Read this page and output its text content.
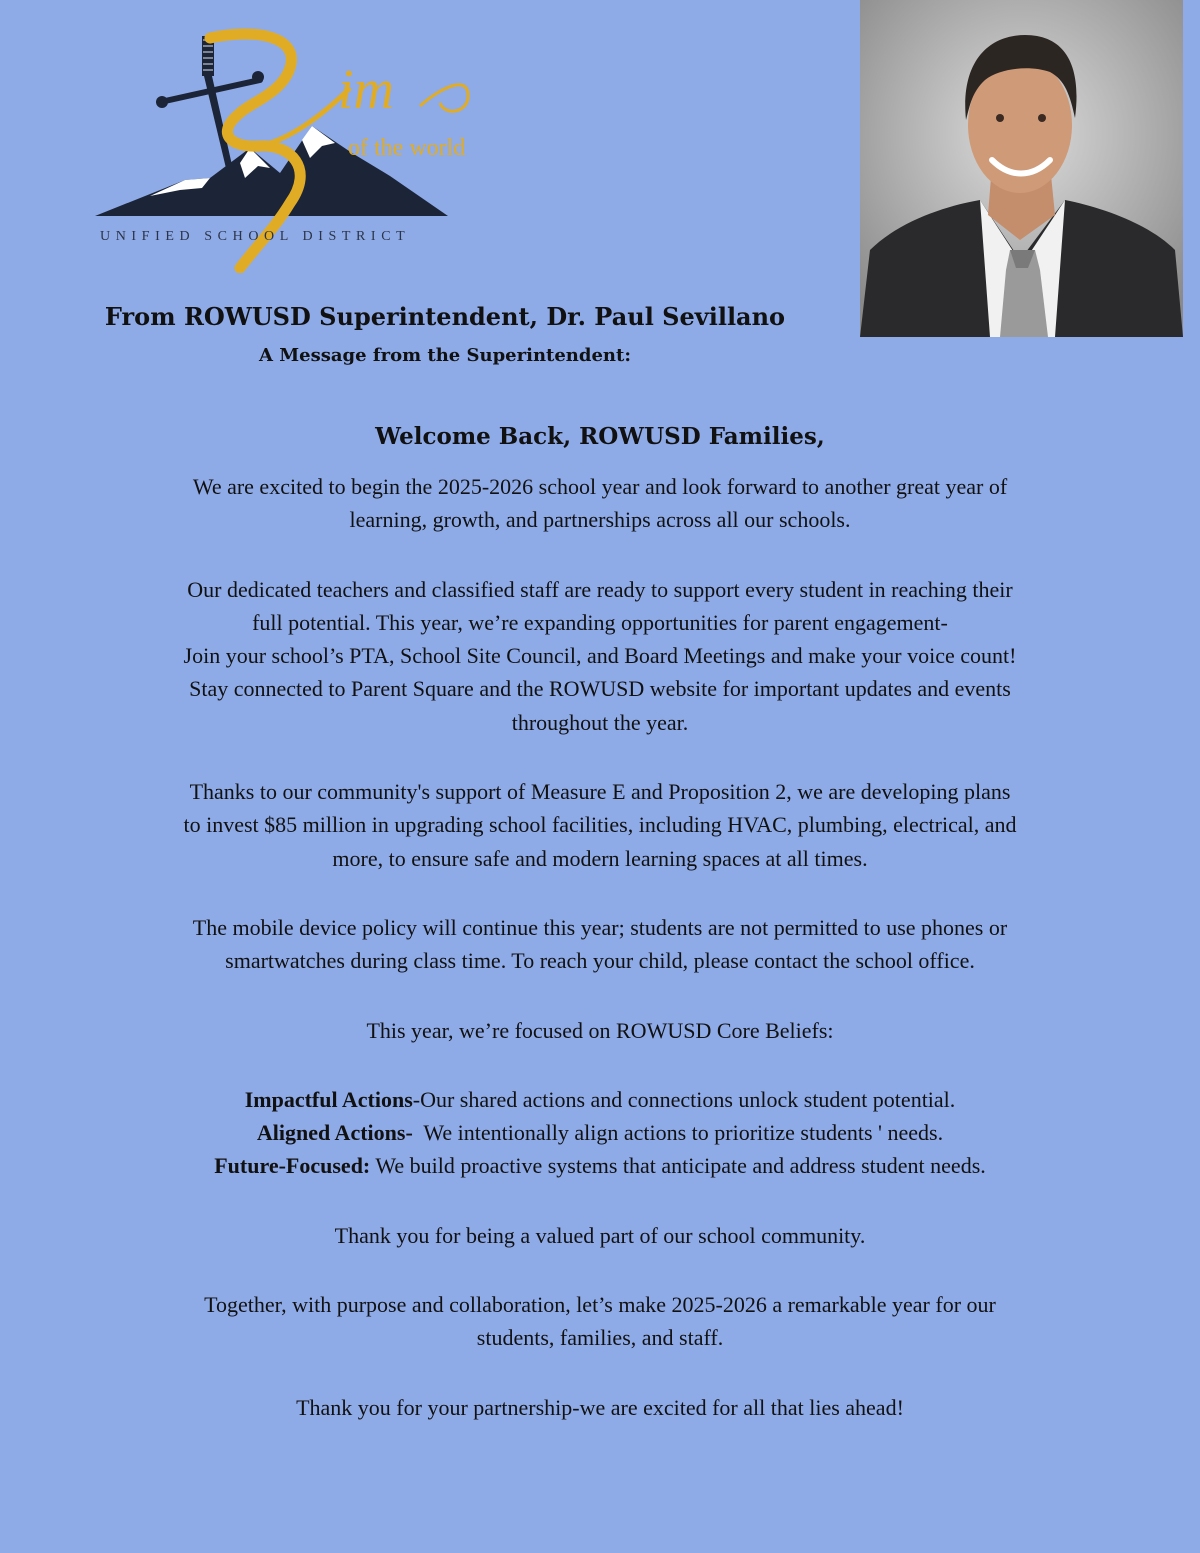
im
of the world
UNIFIED SCHOOL DISTRICT
From ROWUSD Superintendent, Dr. Paul Sevillano
A Message from the Superintendent:
Welcome Back, ROWUSD Families,

We are excited to begin the 2025-2026 school year and look forward to another great year of
learning, growth, and partnerships across all our schools.

Our dedicated teachers and classified staff are ready to support every student in reaching their
full potential. This year, we’re expanding opportunities for parent engagement-
Join your school’s PTA, School Site Council, and Board Meetings and make your voice count!
Stay connected to Parent Square and the ROWUSD website for important updates and events
throughout the year.

Thanks to our community's support of Measure E and Proposition 2, we are developing plans
to invest $85 million in upgrading school facilities, including HVAC, plumbing, electrical, and
more, to ensure safe and modern learning spaces at all times.

The mobile device policy will continue this year; students are not permitted to use phones or
smartwatches during class time. To reach your child, please contact the school office.

This year, we’re focused on ROWUSD Core Beliefs:

Impactful Actions-Our shared actions and connections unlock student potential.
Aligned Actions-  We intentionally align actions to prioritize students ' needs.
Future-Focused: We build proactive systems that anticipate and address student needs.

Thank you for being a valued part of our school community.

Together, with purpose and collaboration, let’s make 2025-2026 a remarkable year for our
students, families, and staff.

Thank you for your partnership-we are excited for all that lies ahead!
